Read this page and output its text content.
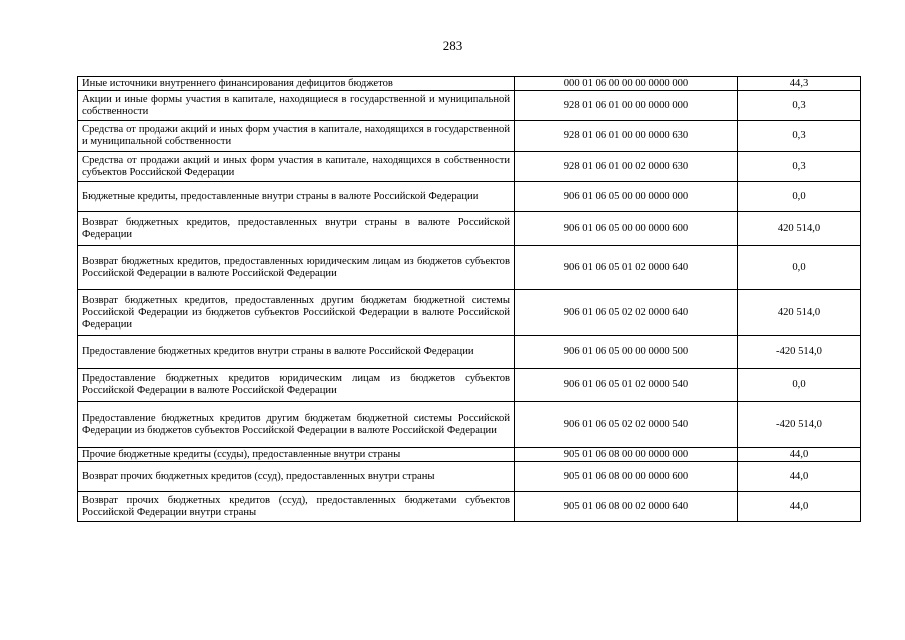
283
Иные источники внутреннего финансирования дефицитов бюджетов	000 01 06 00 00 00 0000 000	44,3
Акции и иные формы участия в капитале, находящиеся в государственной и муниципальной собственности	928 01 06 01 00 00 0000 000	0,3
Средства от продажи акций и иных форм участия в капитале, находящихся в государственной и муниципальной собственности	928 01 06 01 00 00 0000 630	0,3
Средства от продажи акций и иных форм участия в капитале, находящихся в собственности субъектов Российской Федерации	928 01 06 01 00 02 0000 630	0,3
Бюджетные кредиты, предоставленные внутри страны в валюте Российской Федерации	906 01 06 05 00 00 0000 000	0,0
Возврат бюджетных кредитов, предоставленных внутри страны в валюте Российской Федерации	906 01 06 05 00 00 0000 600	420 514,0
Возврат бюджетных кредитов, предоставленных юридическим лицам из бюджетов субъектов Российской Федерации в валюте Российской Федерации	906 01 06 05 01 02 0000 640	0,0
Возврат бюджетных кредитов, предоставленных другим бюджетам бюджетной системы Российской Федерации из бюджетов субъектов Российской Федерации в валюте Российской Федерации	906 01 06 05 02 02 0000 640	420 514,0
Предоставление бюджетных кредитов внутри страны в валюте Российской Федерации	906 01 06 05 00 00 0000 500	-420 514,0
Предоставление бюджетных кредитов юридическим лицам из бюджетов субъектов Российской Федерации в валюте Российской Федерации	906 01 06 05 01 02 0000 540	0,0
Предоставление бюджетных кредитов другим бюджетам бюджетной системы Российской Федерации из бюджетов субъектов Российской Федерации в валюте Российской Федерации	906 01 06 05 02 02 0000 540	-420 514,0
Прочие бюджетные кредиты (ссуды), предоставленные внутри страны	905 01 06 08 00 00 0000 000	44,0
Возврат прочих бюджетных кредитов (ссуд), предоставленных внутри страны	905 01 06 08 00 00 0000 600	44,0
Возврат прочих бюджетных кредитов (ссуд), предоставленных бюджетами субъектов Российской Федерации внутри страны	905 01 06 08 00 02 0000 640	44,0
